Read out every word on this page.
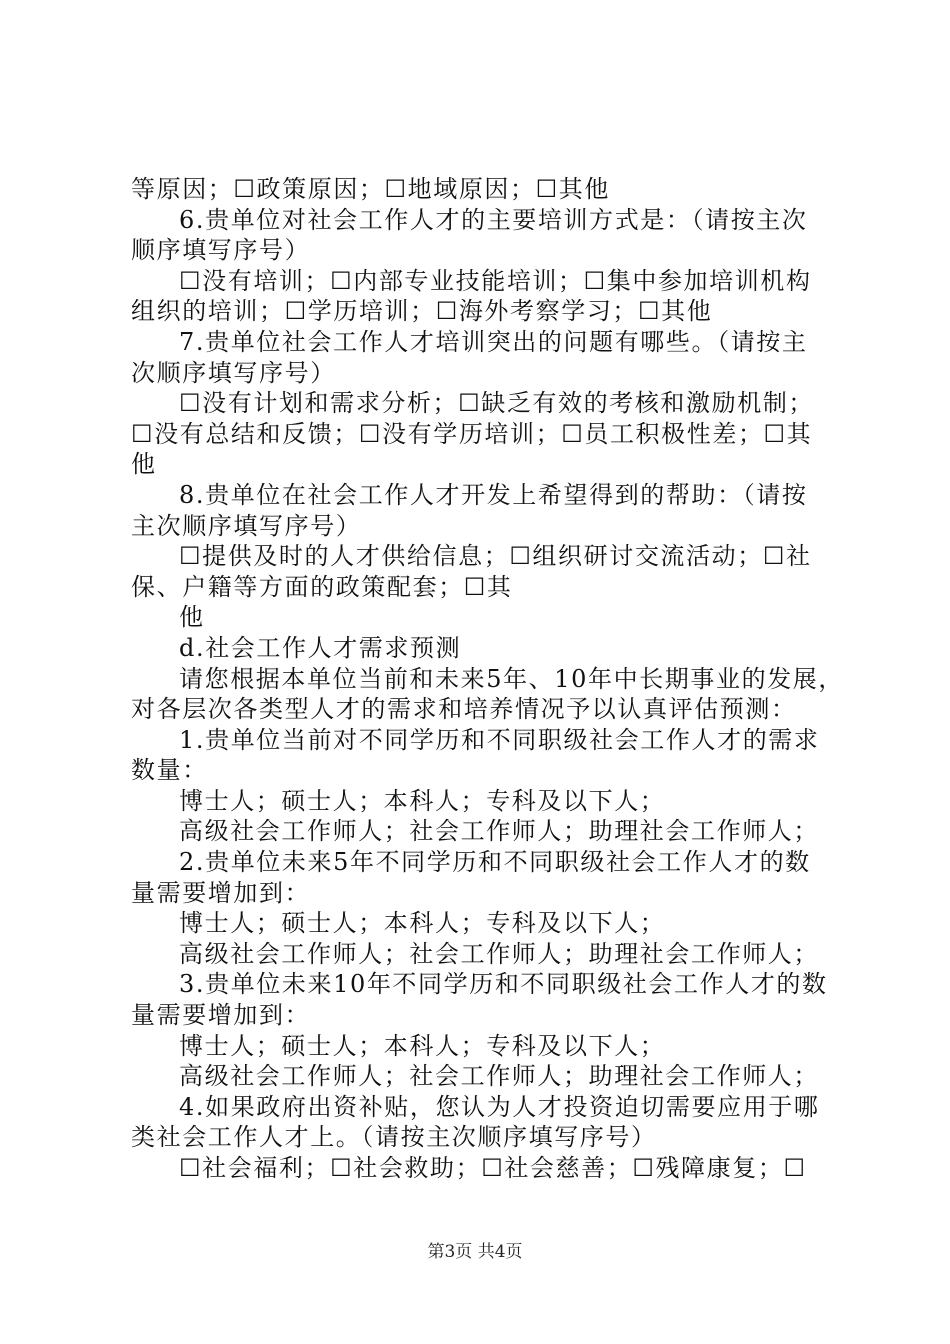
等原因；☐政策原因；☐地域原因；☐其他
6.贵单位对社会工作人才的主要培训方式是：（请按主次
顺序填写序号）
☐没有培训；☐内部专业技能培训；☐集中参加培训机构
组织的培训；☐学历培训；☐海外考察学习；☐其他
7.贵单位社会工作人才培训突出的问题有哪些。（请按主
次顺序填写序号）
☐没有计划和需求分析；☐缺乏有效的考核和激励机制；
☐没有总结和反馈；☐没有学历培训；☐员工积极性差；☐其
他
8.贵单位在社会工作人才开发上希望得到的帮助：（请按
主次顺序填写序号）
☐提供及时的人才供给信息；☐组织研讨交流活动；☐社
保、户籍等方面的政策配套；☐其
他
d.社会工作人才需求预测
请您根据本单位当前和未来5年、10年中长期事业的发展，
对各层次各类型人才的需求和培养情况予以认真评估预测：
1.贵单位当前对不同学历和不同职级社会工作人才的需求
数量：
博士人；硕士人；本科人；专科及以下人；
高级社会工作师人；社会工作师人；助理社会工作师人；
2.贵单位未来5年不同学历和不同职级社会工作人才的数
量需要增加到：
博士人；硕士人；本科人；专科及以下人；
高级社会工作师人；社会工作师人；助理社会工作师人；
3.贵单位未来10年不同学历和不同职级社会工作人才的数
量需要增加到：
博士人；硕士人；本科人；专科及以下人；
高级社会工作师人；社会工作师人；助理社会工作师人；
4.如果政府出资补贴，您认为人才投资迫切需要应用于哪
类社会工作人才上。（请按主次顺序填写序号）
☐社会福利；☐社会救助；☐社会慈善；☐残障康复；☐
第3页 共4页
